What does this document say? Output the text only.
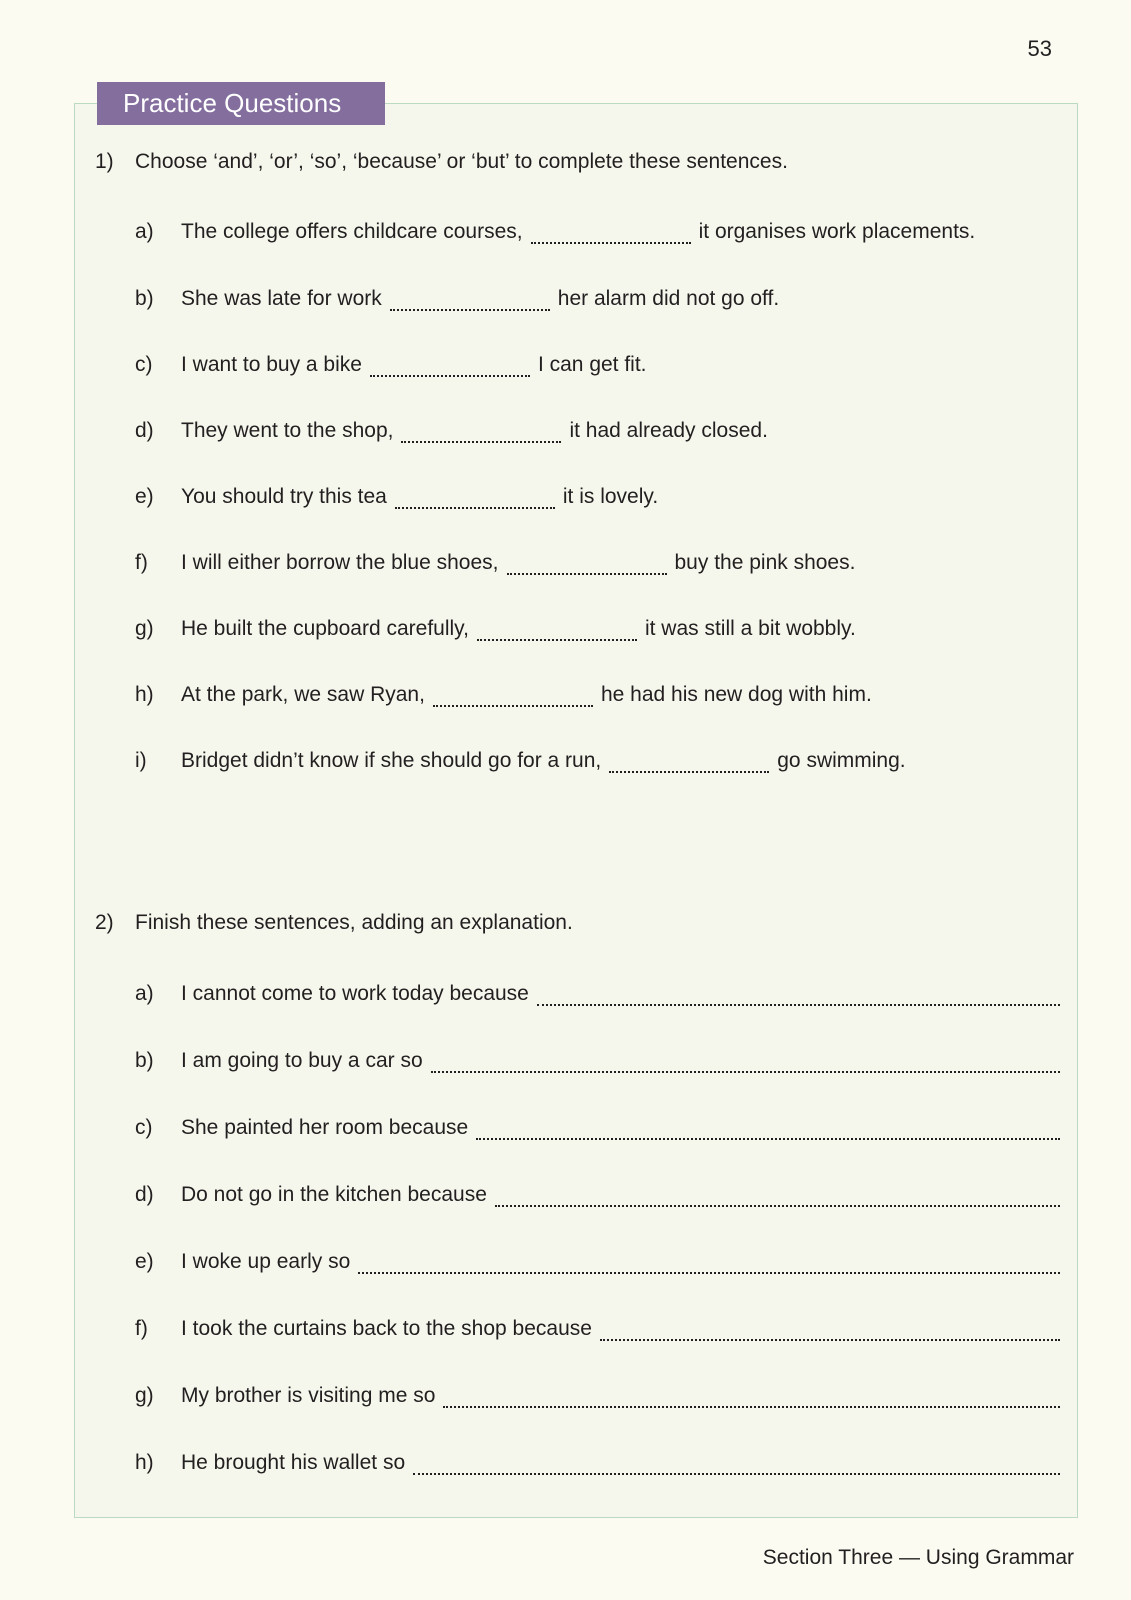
53
Practice Questions
1) Choose ‘and’, ‘or’, ‘so’, ‘because’ or ‘but’ to complete these sentences.
a)	The college offers childcare courses,	it organises work placements.
b)	She was late for work	her alarm did not go off.
c)	I want to buy a bike	I can get fit.
d)	They went to the shop,	it had already closed.
e)	You should try this tea	it is lovely.
f)	I will either borrow the blue shoes,	buy the pink shoes.
g)	He built the cupboard carefully,	it was still a bit wobbly.
h)	At the park, we saw Ryan,	he had his new dog with him.
i)	Bridget didn’t know if she should go for a run,	go swimming.
2) Finish these sentences, adding an explanation.
a)	I cannot come to work today because
b)	I am going to buy a car so
c)	She painted her room because
d)	Do not go in the kitchen because
e)	I woke up early so
f)	I took the curtains back to the shop because
g)	My brother is visiting me so
h)	He brought his wallet so
Section Three — Using Grammar
